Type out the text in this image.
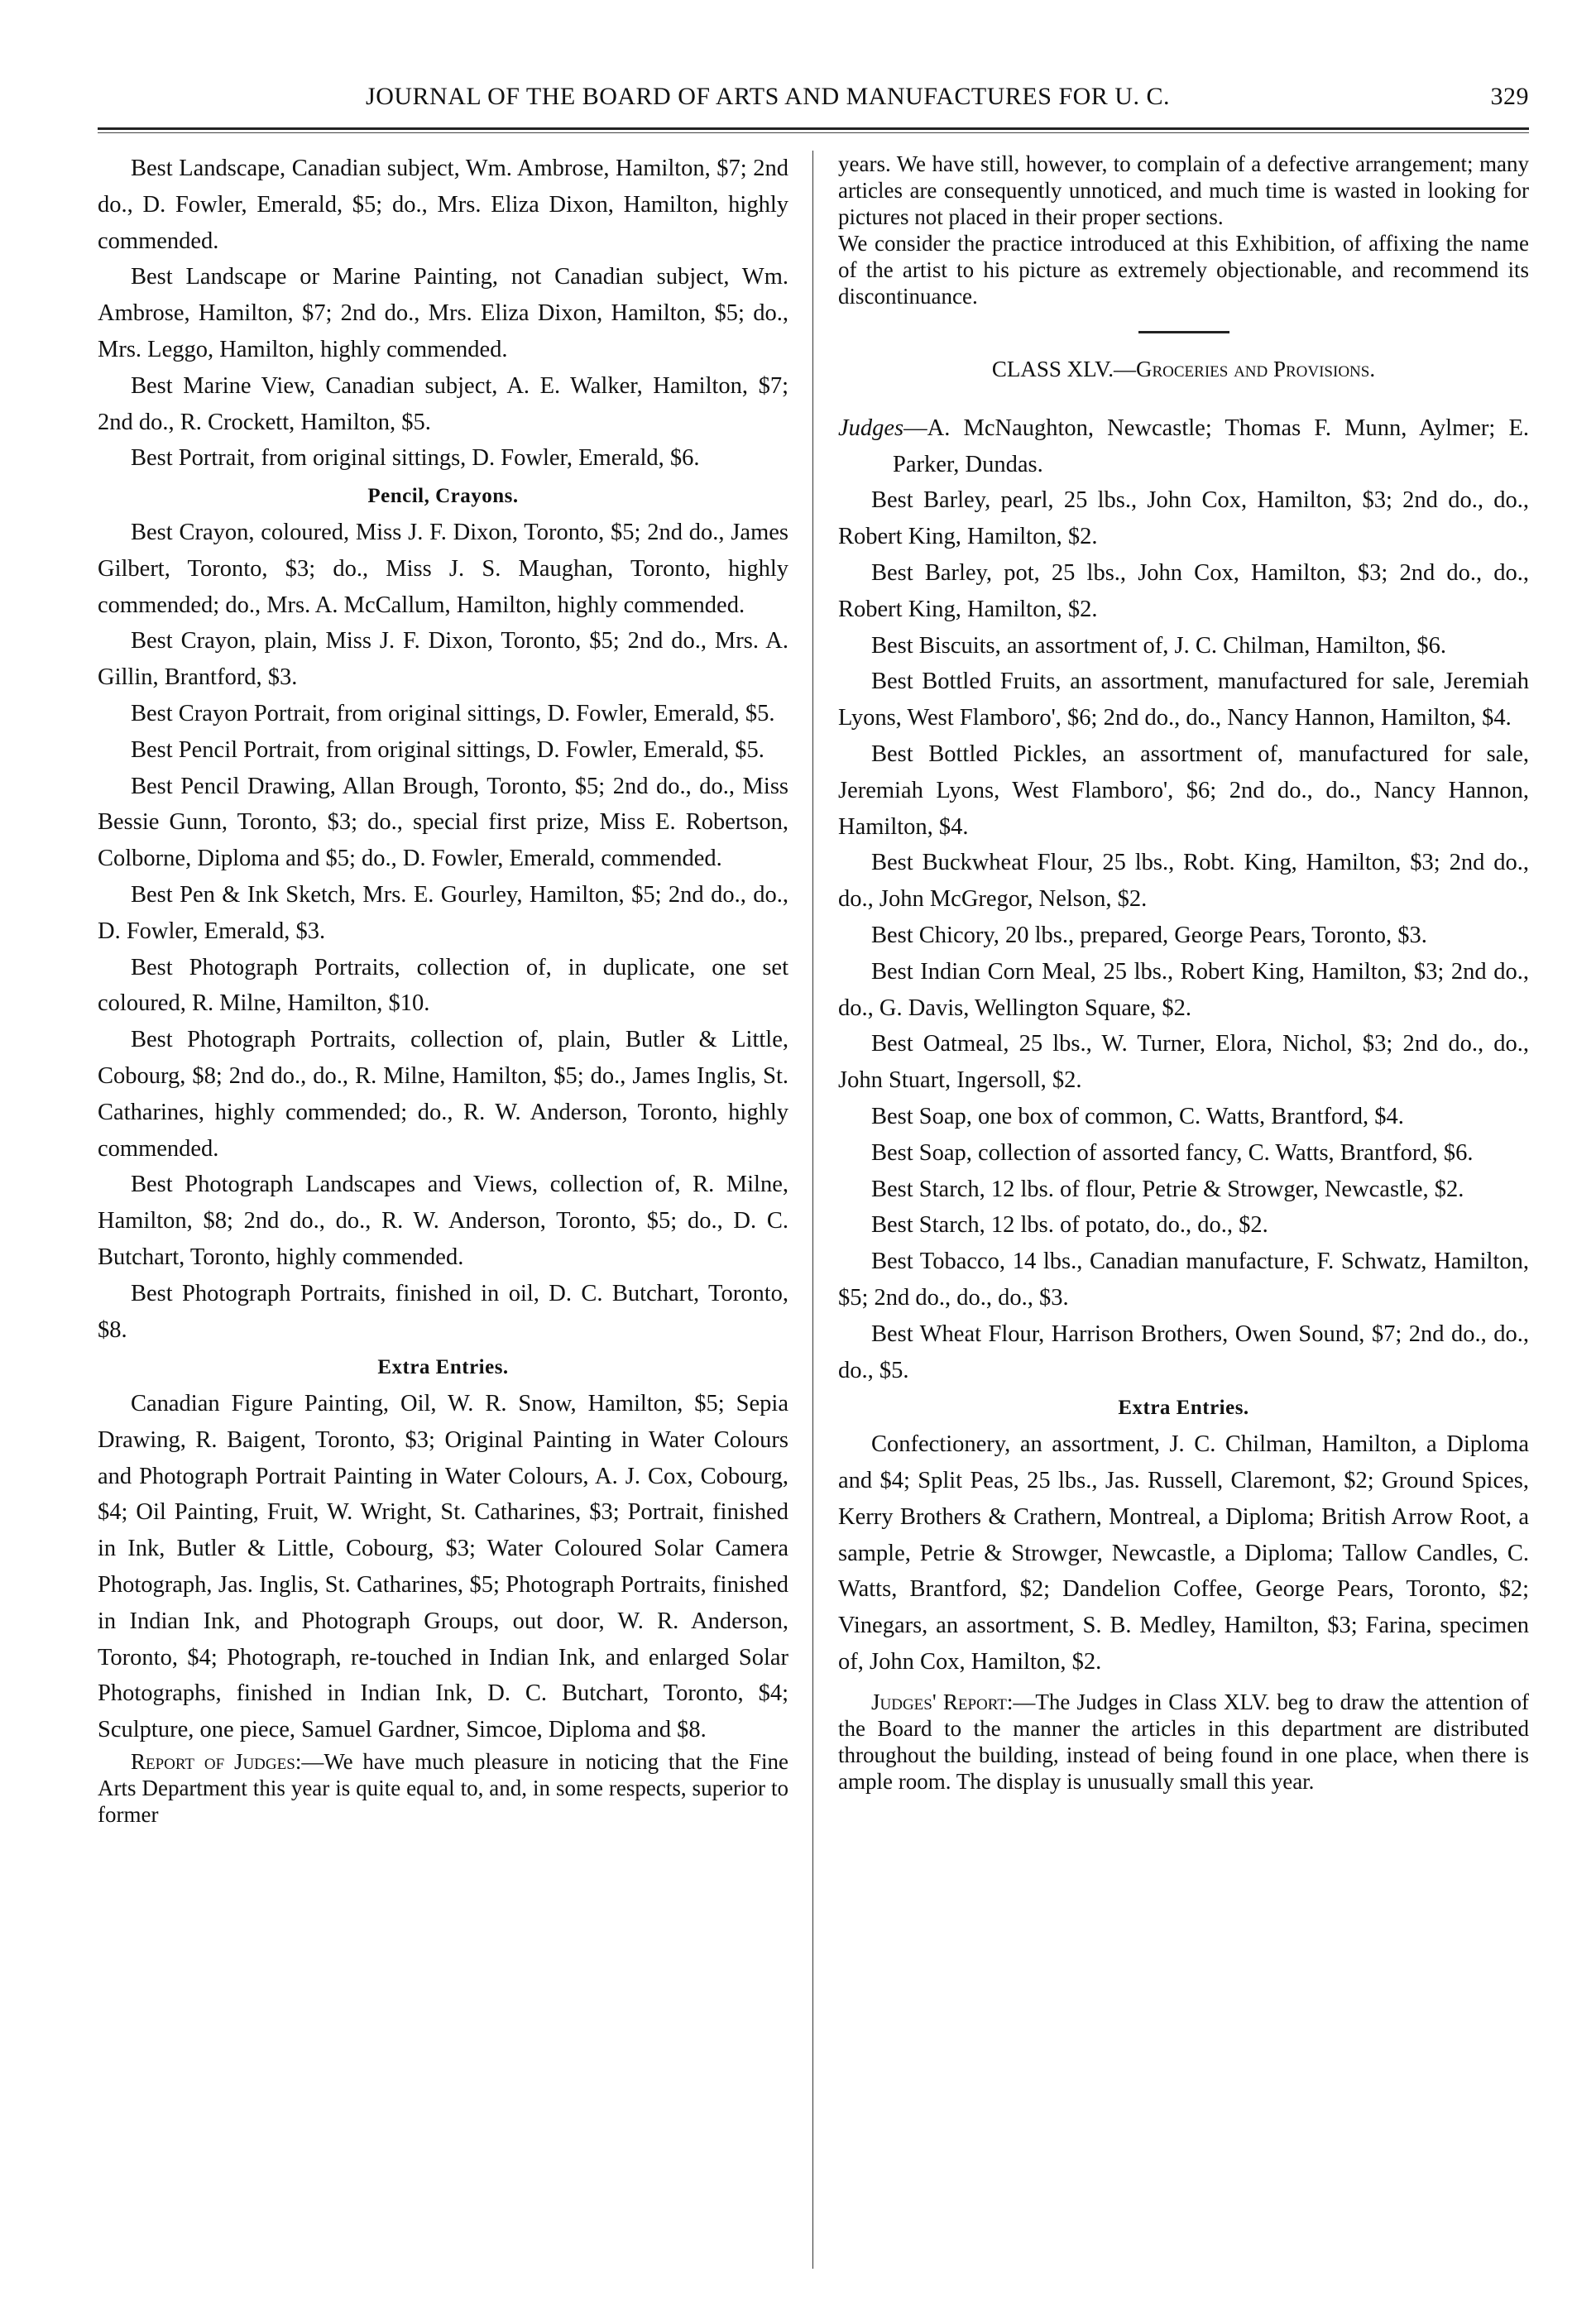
JOURNAL OF THE BOARD OF ARTS AND MANUFACTURES FOR U. C.	329

Best Landscape, Canadian subject, Wm. Ambrose, Hamilton, $7; 2nd do., D. Fowler, Emerald, $5; do., Mrs. Eliza Dixon, Hamilton, highly commended.

Best Landscape or Marine Painting, not Canadian subject, Wm. Ambrose, Hamilton, $7; 2nd do., Mrs. Eliza Dixon, Hamilton, $5; do., Mrs. Leggo, Hamilton, highly commended.

Best Marine View, Canadian subject, A. E. Walker, Hamilton, $7; 2nd do., R. Crockett, Hamilton, $5.

Best Portrait, from original sittings, D. Fowler, Emerald, $6.

Pencil, Crayons.

Best Crayon, coloured, Miss J. F. Dixon, Toronto, $5; 2nd do., James Gilbert, Toronto, $3; do., Miss J. S. Maughan, Toronto, highly commended; do., Mrs. A. McCallum, Hamilton, highly commended.

Best Crayon, plain, Miss J. F. Dixon, Toronto, $5; 2nd do., Mrs. A. Gillin, Brantford, $3.

Best Crayon Portrait, from original sittings, D. Fowler, Emerald, $5.

Best Pencil Portrait, from original sittings, D. Fowler, Emerald, $5.

Best Pencil Drawing, Allan Brough, Toronto, $5; 2nd do., do., Miss Bessie Gunn, Toronto, $3; do., special first prize, Miss E. Robertson, Colborne, Diploma and $5; do., D. Fowler, Emerald, commended.

Best Pen & Ink Sketch, Mrs. E. Gourley, Hamilton, $5; 2nd do., do., D. Fowler, Emerald, $3.

Best Photograph Portraits, collection of, in duplicate, one set coloured, R. Milne, Hamilton, $10.

Best Photograph Portraits, collection of, plain, Butler & Little, Cobourg, $8; 2nd do., do., R. Milne, Hamilton, $5; do., James Inglis, St. Catharines, highly commended; do., R. W. Anderson, Toronto, highly commended.

Best Photograph Landscapes and Views, collection of, R. Milne, Hamilton, $8; 2nd do., do., R. W. Anderson, Toronto, $5; do., D. C. Butchart, Toronto, highly commended.

Best Photograph Portraits, finished in oil, D. C. Butchart, Toronto, $8.

Extra Entries.

Canadian Figure Painting, Oil, W. R. Snow, Hamilton, $5; Sepia Drawing, R. Baigent, Toronto, $3; Original Painting in Water Colours and Photograph Portrait Painting in Water Colours, A. J. Cox, Cobourg, $4; Oil Painting, Fruit, W. Wright, St. Catharines, $3; Portrait, finished in Ink, Butler & Little, Cobourg, $3; Water Coloured Solar Camera Photograph, Jas. Inglis, St. Catharines, $5; Photograph Portraits, finished in Indian Ink, and Photograph Groups, out door, W. R. Anderson, Toronto, $4; Photograph, re-touched in Indian Ink, and enlarged Solar Photographs, finished in Indian Ink, D. C. Butchart, Toronto, $4; Sculpture, one piece, Samuel Gardner, Simcoe, Diploma and $8.

Report of Judges:—We have much pleasure in noticing that the Fine Arts Department this year is quite equal to, and, in some respects, superior to former

years. We have still, however, to complain of a defective arrangement; many articles are consequently unnoticed, and much time is wasted in looking for pictures not placed in their proper sections.

We consider the practice introduced at this Exhibition, of affixing the name of the artist to his picture as extremely objectionable, and recommend its discontinuance.

CLASS XLV.—Groceries and Provisions.

Judges—A. McNaughton, Newcastle; Thomas F. Munn, Aylmer; E. Parker, Dundas.

Best Barley, pearl, 25 lbs., John Cox, Hamilton, $3; 2nd do., do., Robert King, Hamilton, $2.

Best Barley, pot, 25 lbs., John Cox, Hamilton, $3; 2nd do., do., Robert King, Hamilton, $2.

Best Biscuits, an assortment of, J. C. Chilman, Hamilton, $6.

Best Bottled Fruits, an assortment, manufactured for sale, Jeremiah Lyons, West Flamboro', $6; 2nd do., do., Nancy Hannon, Hamilton, $4.

Best Bottled Pickles, an assortment of, manufactured for sale, Jeremiah Lyons, West Flamboro', $6; 2nd do., do., Nancy Hannon, Hamilton, $4.

Best Buckwheat Flour, 25 lbs., Robt. King, Hamilton, $3; 2nd do., do., John McGregor, Nelson, $2.

Best Chicory, 20 lbs., prepared, George Pears, Toronto, $3.

Best Indian Corn Meal, 25 lbs., Robert King, Hamilton, $3; 2nd do., do., G. Davis, Wellington Square, $2.

Best Oatmeal, 25 lbs., W. Turner, Elora, Nichol, $3; 2nd do., do., John Stuart, Ingersoll, $2.

Best Soap, one box of common, C. Watts, Brantford, $4.

Best Soap, collection of assorted fancy, C. Watts, Brantford, $6.

Best Starch, 12 lbs. of flour, Petrie & Strowger, Newcastle, $2.

Best Starch, 12 lbs. of potato, do., do., $2.

Best Tobacco, 14 lbs., Canadian manufacture, F. Schwatz, Hamilton, $5; 2nd do., do., do., $3.

Best Wheat Flour, Harrison Brothers, Owen Sound, $7; 2nd do., do., do., $5.

Extra Entries.

Confectionery, an assortment, J. C. Chilman, Hamilton, a Diploma and $4; Split Peas, 25 lbs., Jas. Russell, Claremont, $2; Ground Spices, Kerry Brothers & Crathern, Montreal, a Diploma; British Arrow Root, a sample, Petrie & Strowger, Newcastle, a Diploma; Tallow Candles, C. Watts, Brantford, $2; Dandelion Coffee, George Pears, Toronto, $2; Vinegars, an assortment, S. B. Medley, Hamilton, $3; Farina, specimen of, John Cox, Hamilton, $2.

Judges' Report:—The Judges in Class XLV. beg to draw the attention of the Board to the manner the articles in this department are distributed throughout the building, instead of being found in one place, when there is ample room. The display is unusually small this year.
